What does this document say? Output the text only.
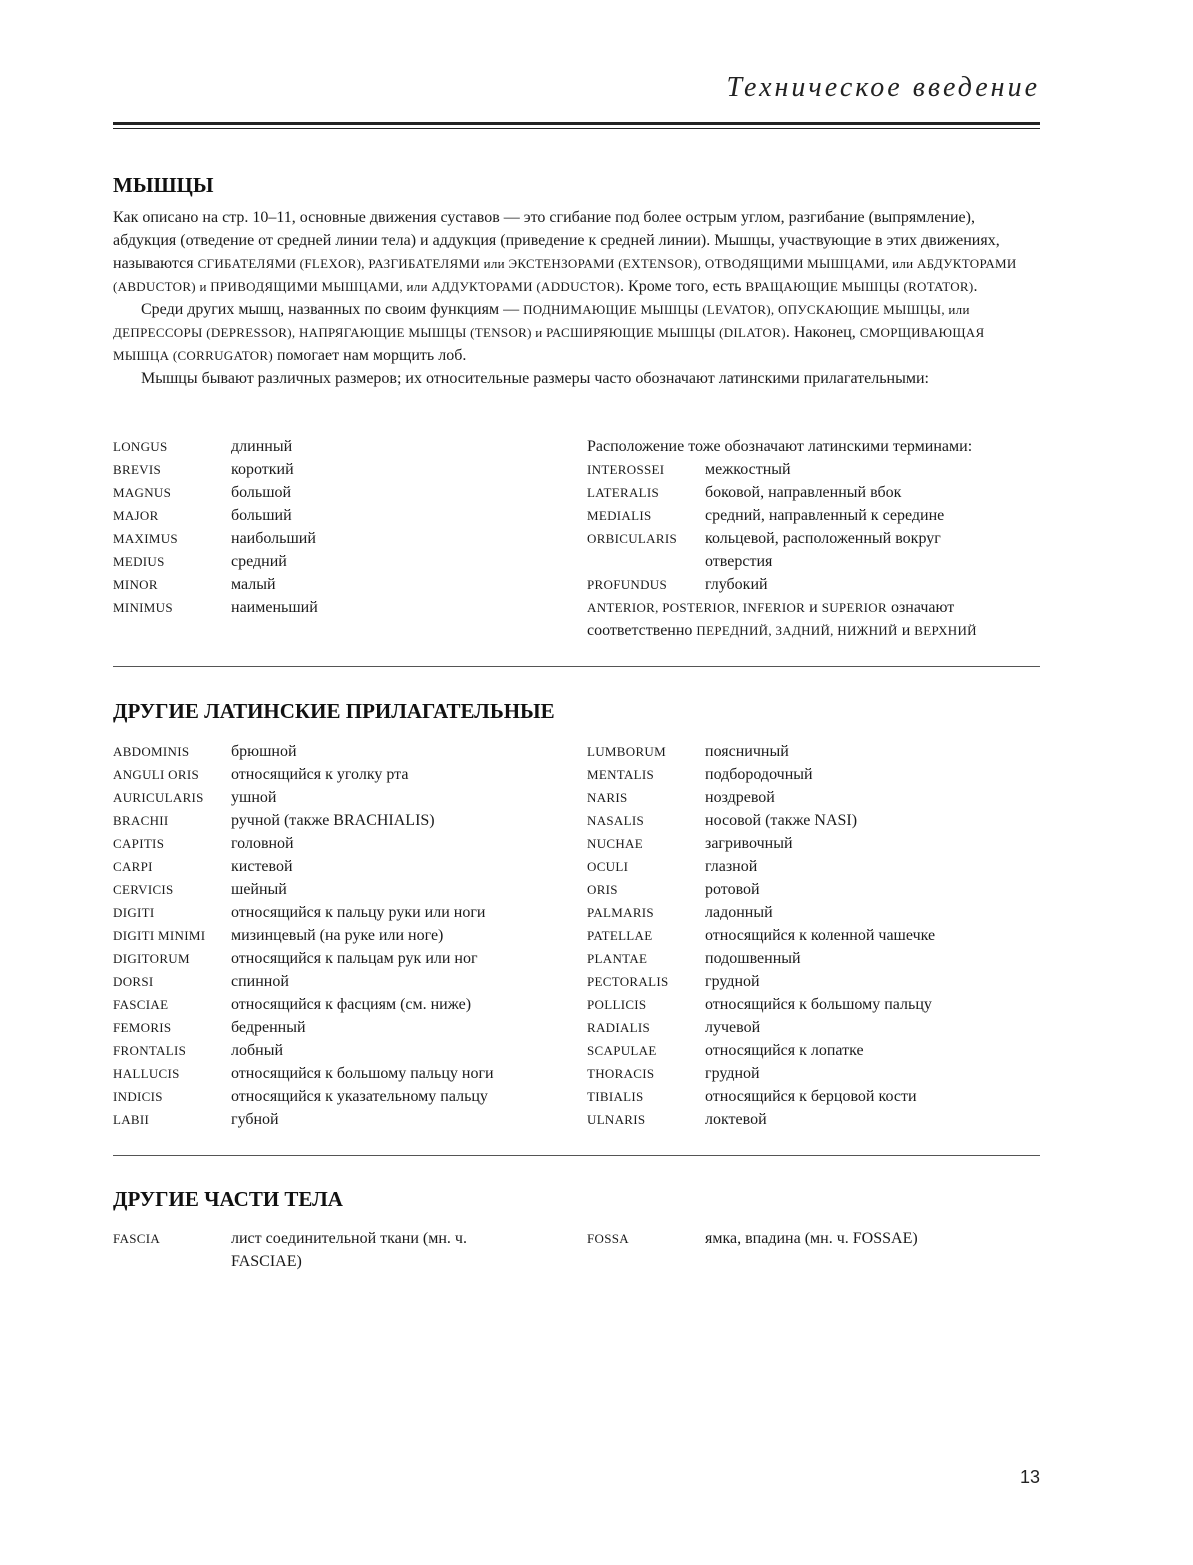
Техническое введение
МЫШЦЫ

Как описано на стр. 10–11, основные движения суставов — это сгибание под более острым углом, разгибание (выпрямление), абдукция (отведение от средней линии тела) и аддукция (приведение к средней линии). Мышцы, участвующие в этих движениях, называются СГИБАТЕЛЯМИ (FLEXOR), РАЗГИБАТЕЛЯМИ или ЭКСТЕНЗОРАМИ (EXTENSOR), ОТВОДЯЩИМИ МЫШЦАМИ, или АБДУКТОРАМИ (ABDUCTOR) и ПРИВОДЯЩИМИ МЫШЦАМИ, или АДДУКТОРАМИ (ADDUCTOR). Кроме того, есть ВРАЩАЮЩИЕ МЫШЦЫ (ROTATOR).

Среди других мышц, названных по своим функциям — ПОДНИМАЮЩИЕ МЫШЦЫ (LEVATOR), ОПУСКАЮЩИЕ МЫШЦЫ, или ДЕПРЕССОРЫ (DEPRESSOR), НАПРЯГАЮЩИЕ МЫШЦЫ (TENSOR) и РАСШИРЯЮЩИЕ МЫШЦЫ (DILATOR). Наконец, СМОРЩИВАЮЩАЯ МЫШЦА (CORRUGATOR) помогает нам морщить лоб.

Мышцы бывают различных размеров; их относительные размеры часто обозначают латинскими прилагательными:

LONGUS	длинный
BREVIS	короткий
MAGNUS	большой
MAJOR	больший
MAXIMUS	наибольший
MEDIUS	средний
MINOR	малый
MINIMUS	наименьший
Расположение тоже обозначают латинскими терминами:
INTEROSSEI	межкостный
LATERALIS	боковой, направленный вбок
MEDIALIS	средний, направленный к середине
ORBICULARIS	кольцевой, расположенный вокруг отверстия
PROFUNDUS	глубокий
ANTERIOR, POSTERIOR, INFERIOR и SUPERIOR означают
соответственно ПЕРЕДНИЙ, ЗАДНИЙ, НИЖНИЙ и ВЕРХНИЙ
ДРУГИЕ ЛАТИНСКИЕ ПРИЛАГАТЕЛЬНЫЕ
ABDOMINIS	брюшной
ANGULI ORIS	относящийся к уголку рта
AURICULARIS	ушной
BRACHII	ручной (также BRACHIALIS)
CAPITIS	головной
CARPI	кистевой
CERVICIS	шейный
DIGITI	относящийся к пальцу руки или ноги
DIGITI MINIMI	мизинцевый (на руке или ноге)
DIGITORUM	относящийся к пальцам рук или ног
DORSI	спинной
FASCIAE	относящийся к фасциям (см. ниже)
FEMORIS	бедренный
FRONTALIS	лобный
HALLUCIS	относящийся к большому пальцу ноги
INDICIS	относящийся к указательному пальцу
LABII	губной
LUMBORUM	поясничный
MENTALIS	подбородочный
NARIS	ноздревой
NASALIS	носовой (также NASI)
NUCHAE	загривочный
OCULI	глазной
ORIS	ротовой
PALMARIS	ладонный
PATELLAE	относящийся к коленной чашечке
PLANTAE	подошвенный
PECTORALIS	грудной
POLLICIS	относящийся к большому пальцу
RADIALIS	лучевой
SCAPULAE	относящийся к лопатке
THORACIS	грудной
TIBIALIS	относящийся к берцовой кости
ULNARIS	локтевой
ДРУГИЕ ЧАСТИ ТЕЛА
FASCIA	лист соединительной ткани (мн. ч. FASCIAE)
FOSSA	ямка, впадина (мн. ч. FOSSAE)
13
